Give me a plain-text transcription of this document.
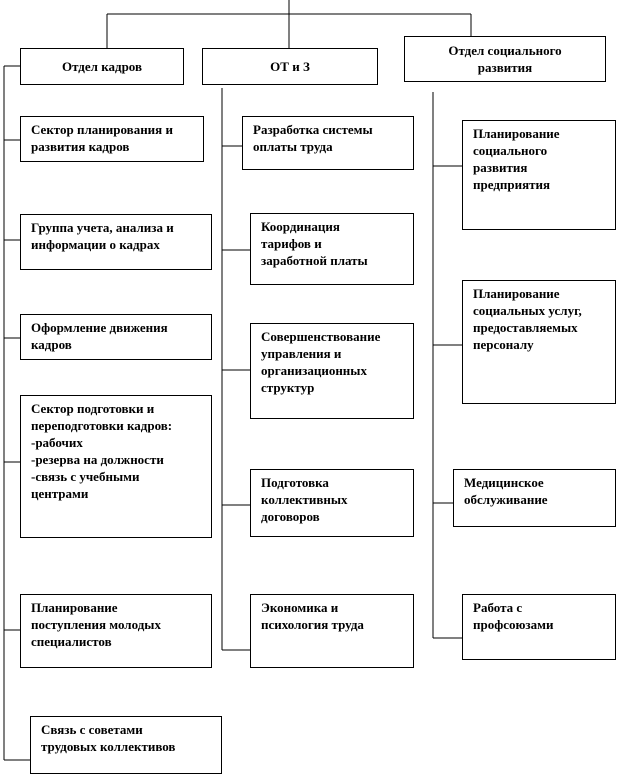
Отдел кадров	ОТ и З
Отдел социального
развития
Сектор планирования и
развития кадров
Группа учета, анализа и
информации о кадрах
Оформление движения
кадров
Сектор подготовки и
переподготовки кадров:
-рабочих
-резерва на должности
-связь с учебными
центрами
Планирование
поступления молодых
специалистов
Связь с советами
трудовых коллективов
Разработка системы
оплаты труда
Координация
тарифов и
заработной платы
Совершенствование
управления и
организационных
структур
Подготовка
коллективных
договоров
Экономика и
психология труда
Планирование
социального
развития
предприятия
Планирование
социальных услуг,
предоставляемых
персоналу
Медицинское
обслуживание
Работа с
профсоюзами
